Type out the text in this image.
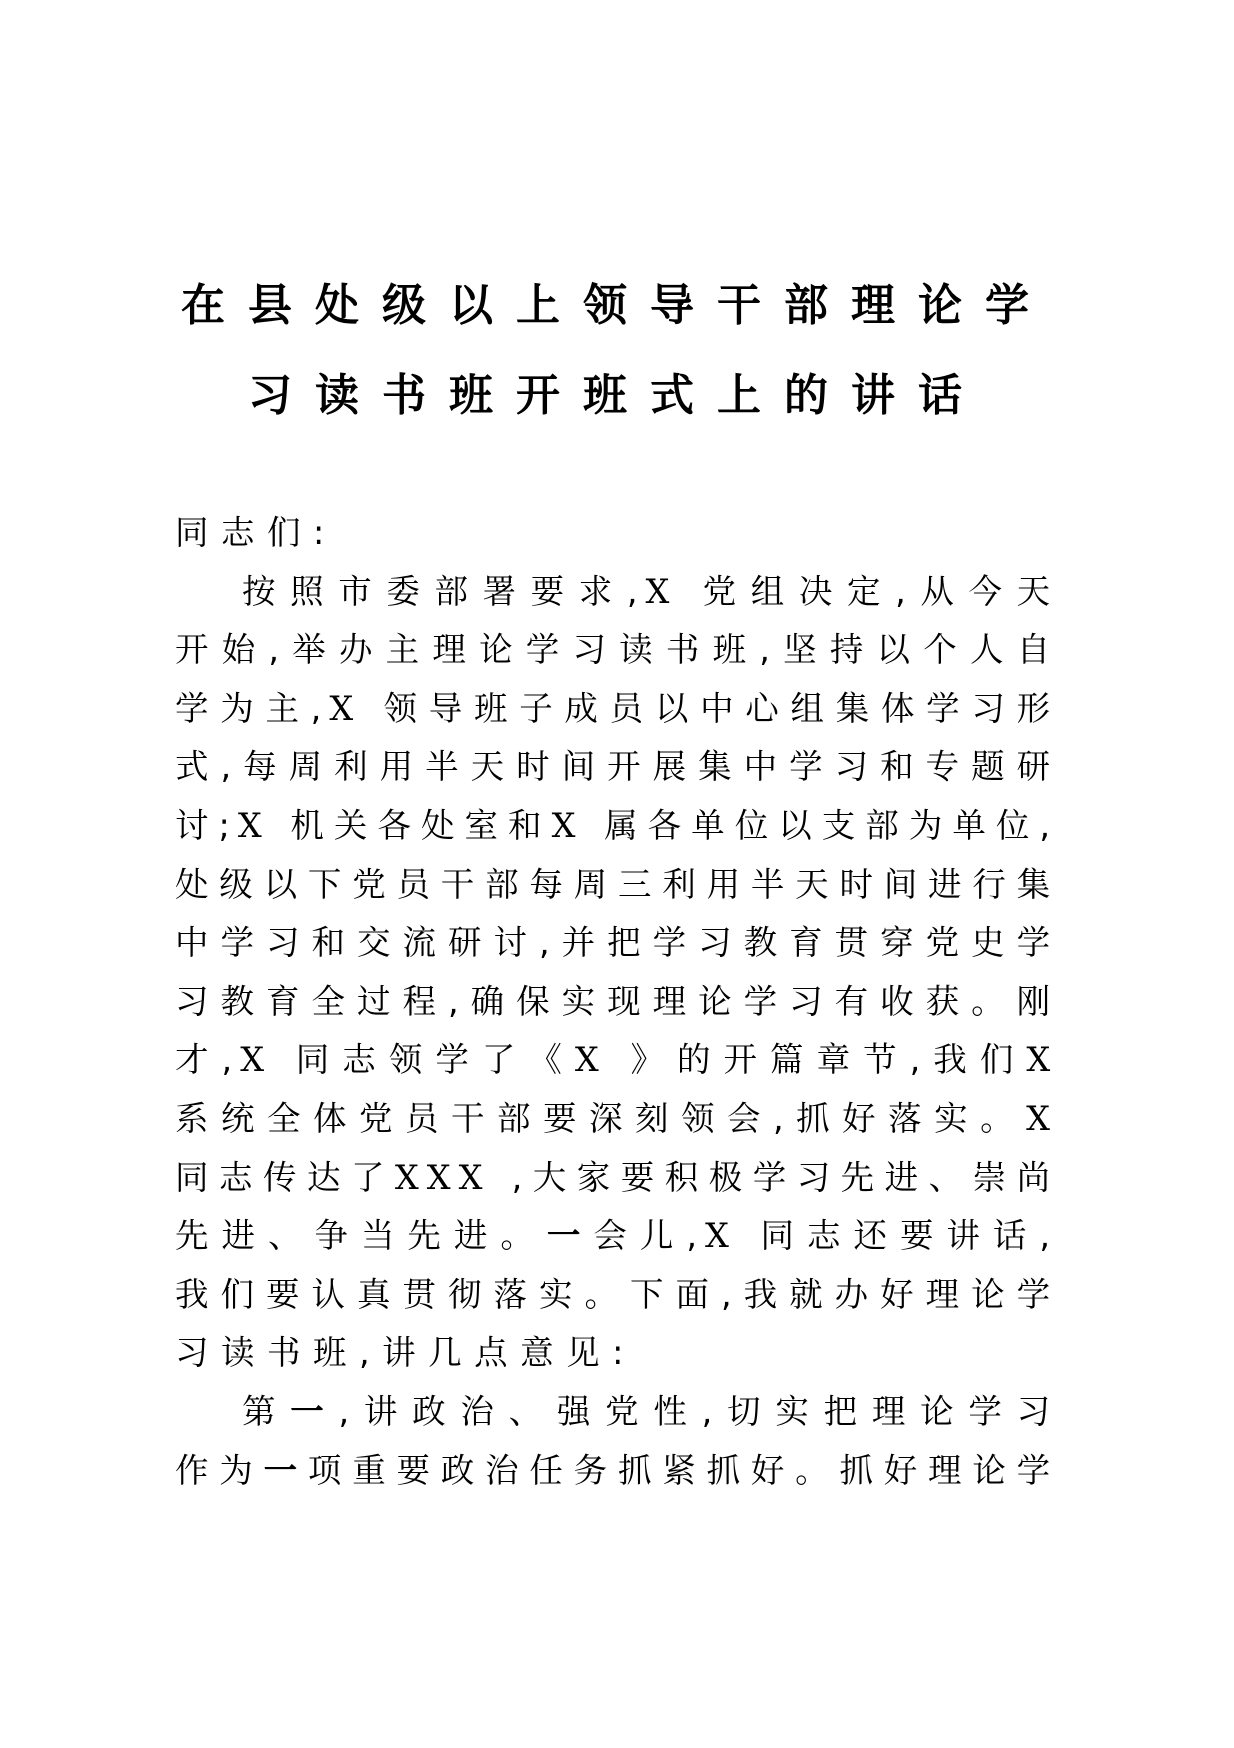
在县处级以上领导干部理论学
习读书班开班式上的讲话
同志们:
按照市委部署要求,X 党组决定,从今天
开始,举办主理论学习读书班,坚持以个人自
学为主,X 领导班子成员以中心组集体学习形
式,每周利用半天时间开展集中学习和专题研
讨;X 机关各处室和X 属各单位以支部为单位,
处级以下党员干部每周三利用半天时间进行集
中学习和交流研讨,并把学习教育贯穿党史学
习教育全过程,确保实现理论学习有收获。刚
才,X 同志领学了《X 》的开篇章节,我们X
系统全体党员干部要深刻领会,抓好落实。X
同志传达了XXX ,大家要积极学习先进、崇尚
先进、争当先进。一会儿,X 同志还要讲话,
我们要认真贯彻落实。下面,我就办好理论学
习读书班,讲几点意见:
第一,讲政治、强党性,切实把理论学习
作为一项重要政治任务抓紧抓好。抓好理论学
